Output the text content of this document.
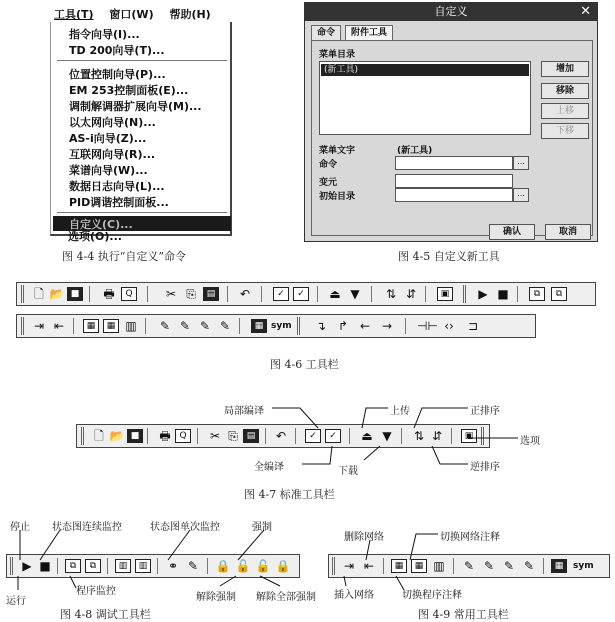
工具(T) 窗口(W) 帮助(H)
指令向导(I)...
TD 200向导(T)...
位置控制向导(P)...
EM 253控制面板(E)...
调制解调器扩展向导(M)...
以太网向导(N)...
AS-i向导(Z)...
互联网向导(R)...
菜谱向导(W)...
数据日志向导(L)...
PID调谐控制面板...
自定义(C)...
选项(O)...
图 4-4 执行“自定义”命令
自定义	✕
命令	附件工具
菜单目录
(新工具)	增加
移除
上移
下移
菜单文字	(新工具)
命令	...
变元
初始目录	...
确认	取消
图 4-5 自定义新工具
🗋 📂 ■	🖶	Q	✂ ⎘	▤	↶	✓	✓	⏏ ▼ ⇅ ⇵	▣	▶ ■	⧉	⧉
⇥ ⇤	▦	▦ ▥ ✎ ✎ ✎ ✎	▦ sym ↴ ↱ ← → ⊣⊢ ‹› ⊐
图 4-6 工具栏
局部编译	上传	正排序
选项
全编译	下载	逆排序
🗋 📂 ■	🖶 Q	✂ ⎘ ▤	↶	✓	✓	⏏ ▼ ⇅ ⇵	▣
图 4-7 标准工具栏
停止 状态图连续监控	状态图单次监控	强制
运行
程序监控
解除强制 解除全部强制
▶ ■	⧉	⧉	▥	▥	⚭ ✎ 🔒 🔓 🔓 🔒
图 4-8 调试工具栏
删除网络	切换网络注释
插入网络	切换程序注释
⇥ ⇤	▦	▦ ▥ ✎ ✎ ✎ ✎	▦	sym
图 4-9 常用工具栏
